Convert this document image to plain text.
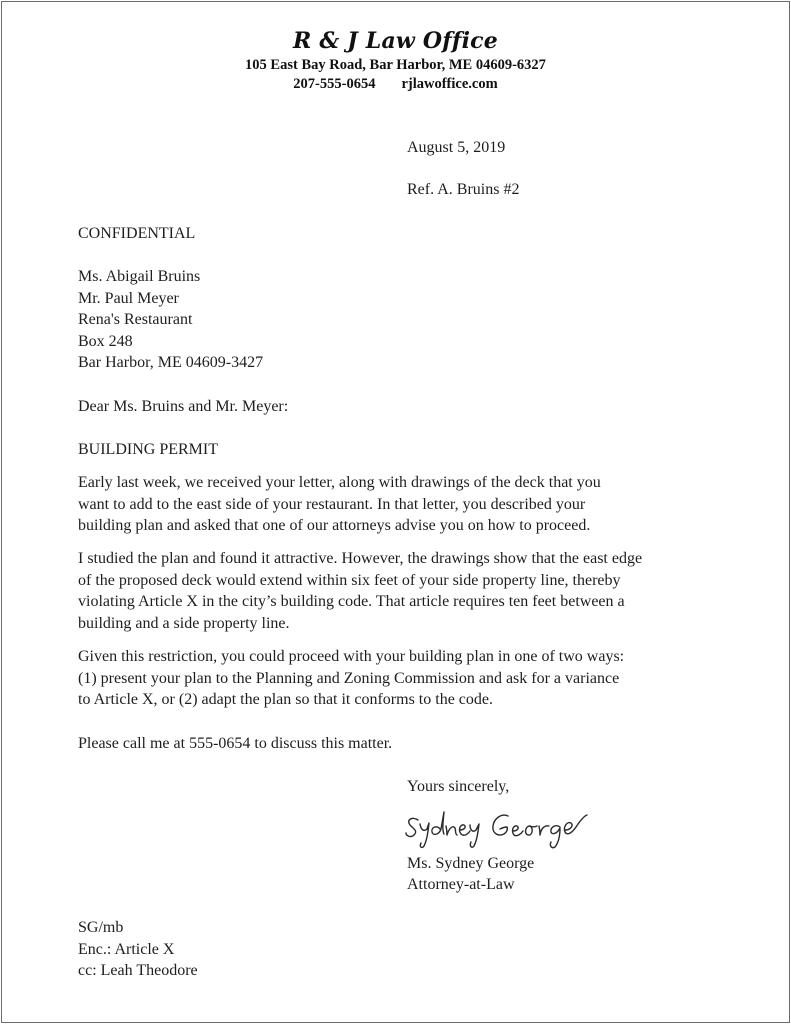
R & J Law Office
105 East Bay Road, Bar Harbor, ME 04609-6327
207-555-0654 rjlawoffice.com
August 5, 2019
Ref. A. Bruins #2
CONFIDENTIAL
Ms. Abigail Bruins
Mr. Paul Meyer
Rena's Restaurant
Box 248
Bar Harbor, ME 04609-3427
Dear Ms. Bruins and Mr. Meyer:
BUILDING PERMIT
Early last week, we received your letter, along with drawings of the deck that you
want to add to the east side of your restaurant. In that letter, you described your
building plan and asked that one of our attorneys advise you on how to proceed.
I studied the plan and found it attractive. However, the drawings show that the east edge
of the proposed deck would extend within six feet of your side property line, thereby
violating Article X in the city’s building code. That article requires ten feet between a
building and a side property line.
Given this restriction, you could proceed with your building plan in one of two ways:
(1) present your plan to the Planning and Zoning Commission and ask for a variance
to Article X, or (2) adapt the plan so that it conforms to the code.
Please call me at 555-0654 to discuss this matter.
Yours sincerely,
Ms. Sydney George
Attorney-at-Law
SG/mb
Enc.: Article X
cc: Leah Theodore
